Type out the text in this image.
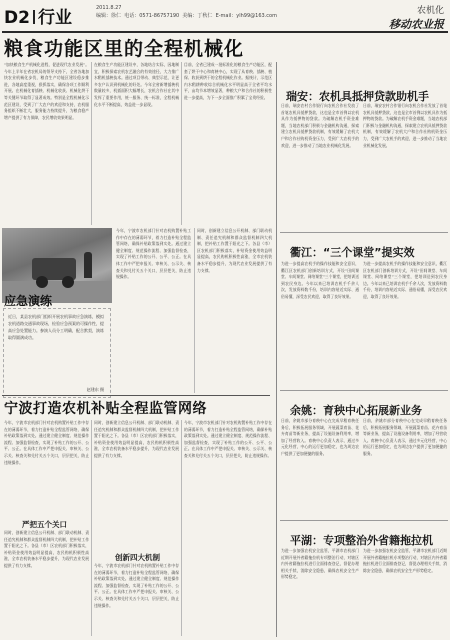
D2 行业	2011.8.27
编辑：徐仁 电话：0571-86757190 美编：丁秋仁 E-mail：ylh99@163.com	农机化
移动农业报
粮食功能区里的全程机械化
“加快粮食生产机械化进程，促进现代农业发展”。今年上半年在省农机局的领导支持下，全省各地加快农业机械化步伐，粮食生产功能区建设稳步推进，各地高度重视，狠抓落实，确保各项工作顺利开展。在机械化育插秧、机械化收获、机械化烘干等关键环节取得了显著成效。特别是全程机械化示范区建设，受到了广大农户的欢迎和支持，农机服务组织不断壮大，服务能力持续提升，为粮食稳产增产提供了有力保障，农民增收效果明显。
在粮食生产功能区建设中，各地结合实际，因地制宜，积极探索农机农艺融合的有效途径，大力推广水稻机插秧技术。通过项目带动、典型示范，让更多农户认识到机械化的好处。今年全省新增插秧机数量较多，机插面积大幅增长，农机合作社在其中发挥了重要作用，统一服务、统一标准，全程机械化水平不断提高，效益进一步显现。
目前，全省已建成一批标准化的粮食生产功能区，配套了烘干中心和育秧中心，实现了从育秧、插秧、植保、收获到烘干的全程机械化作业。据统计，示范区内水稻耕种收综合机械化水平明显高于全省平均水平，亩均节本增效显著，种粮大户和合作社的积极性进一步提高，为下一步全面推广积累了宝贵经验。	瑞安：农机具抵押贷款助机手
日前，瑞安农村合作银行向农机合作社发放了首笔农机具抵押贷款，这也是全市首例以农机具作为抵押物的贷款。为破解农机手资金难题，当地农机部门积极与金融机构沟通，探索建立农机具抵押贷款机制，有效缓解了农机大户和合作社购机资金压力，受到广大农机手的欢迎，进一步推动了当地农业机械化发展。
日前，瑞安农村合作银行向农机合作社发放了首笔农机具抵押贷款，这也是全市首例以农机具作为抵押物的贷款。为破解农机手资金难题，当地农机部门积极与金融机构沟通，探索建立农机具抵押贷款机制，有效缓解了农机大户和合作社购机资金压力，受到广大农机手的欢迎，进一步推动了当地农业机械化发展。
衢江：“三个课堂”提实效
为进一步提高农机手的操作技能和安全意识，衢江区农机部门创新培训方式，开设“田间课堂、车间课堂、网络课堂”三个课堂，把培训送到农民身边。今年以来已培训农机手千余人次，发放资料数千份，培训内容贴近实际、通俗易懂，深受农民欢迎，取得了良好效果。
为进一步提高农机手的操作技能和安全意识，衢江区农机部门创新培训方式，开设“田间课堂、车间课堂、网络课堂”三个课堂，把培训送到农民身边。今年以来已培训农机手千余人次，发放资料数千份，培训内容贴近实际、通俗易懂，深受农民欢迎，取得了良好效果。
余姚：育秧中心拓展新业务
日前，余姚市部分育秧中心在完成早稻育秧任务后，积极拓展服务领域，开展蔬菜育苗、花卉育苗等新业务，提高了设施设备利用率，增加了经营收入。育秧中心负责人表示，通过多元化经营，中心的运行更加稳定，也为周边农户提供了更加便捷的服务。
日前，余姚市部分育秧中心在完成早稻育秧任务后，积极拓展服务领域，开展蔬菜育苗、花卉育苗等新业务，提高了设施设备利用率，增加了经营收入。育秧中心负责人表示，通过多元化经营，中心的运行更加稳定，也为周边农户提供了更加便捷的服务。
平湖：专项整治外省籍拖拉机
为进一步加强农机安全监管，平湖市农机部门近期开展外省籍拖拉机专项整治行动，对辖区内外省籍拖拉机进行全面排查登记，督促办理相关手续，消除安全隐患，确保农机安全生产形势稳定。
为进一步加强农机安全监管，平湖市农机部门近期开展外省籍拖拉机专项整治行动，对辖区内外省籍拖拉机进行全面排查登记，督促办理相关手续，消除安全隐患，确保农机安全生产形势稳定。
应急演练
近日，某县农机部门组织开展农机事故应急演练，模拟农机道路交通事故现场，检验应急预案的可操作性，提高应急处置能力。参演人员分工明确，配合默契，演练取得圆满成功。
赵建东 摄
今年，宁波市农机部门针对农机购置补贴工作中存在的薄弱环节，着力打造补贴全程监管网络，确保补贴政策落到实处。通过建立健全制度、规范操作流程、加强监督检查，实现了补贴工作的公开、公平、公正。在具体工作中严把申报关、审核关、公示关、核查关和兑付关五个关口，层层把关，防止违规操作。
同时，创新建立信息公开机制、部门联动机制、责任追究机制和群众监督机制四大机制，把补贴工作置于阳光之下。各县（市）区农机部门积极落实，补贴资金使用效益明显提高，农民购机积极性高涨，全市农机装备水平稳步提升，为现代农业发展提供了有力支撑。
宁波打造农机补贴全程监管网络
今年，宁波市农机部门针对农机购置补贴工作中存在的薄弱环节，着力打造补贴全程监管网络，确保补贴政策落到实处。通过建立健全制度、规范操作流程、加强监督检查，实现了补贴工作的公开、公平、公正。在具体工作中严把申报关、审核关、公示关、核查关和兑付关五个关口，层层把关，防止违规操作。
严把五个关口
同时，创新建立信息公开机制、部门联动机制、责任追究机制和群众监督机制四大机制，把补贴工作置于阳光之下。各县（市）区农机部门积极落实，补贴资金使用效益明显提高，农民购机积极性高涨，全市农机装备水平稳步提升，为现代农业发展提供了有力支撑。
同时，创新建立信息公开机制、部门联动机制、责任追究机制和群众监督机制四大机制，把补贴工作置于阳光之下。各县（市）区农机部门积极落实，补贴资金使用效益明显提高，农民购机积极性高涨，全市农机装备水平稳步提升，为现代农业发展提供了有力支撑。
创新四大机制
今年，宁波市农机部门针对农机购置补贴工作中存在的薄弱环节，着力打造补贴全程监管网络，确保补贴政策落到实处。通过建立健全制度、规范操作流程、加强监督检查，实现了补贴工作的公开、公平、公正。在具体工作中严把申报关、审核关、公示关、核查关和兑付关五个关口，层层把关，防止违规操作。
今年，宁波市农机部门针对农机购置补贴工作中存在的薄弱环节，着力打造补贴全程监管网络，确保补贴政策落到实处。通过建立健全制度、规范操作流程、加强监督检查，实现了补贴工作的公开、公平、公正。在具体工作中严把申报关、审核关、公示关、核查关和兑付关五个关口，层层把关，防止违规操作。
